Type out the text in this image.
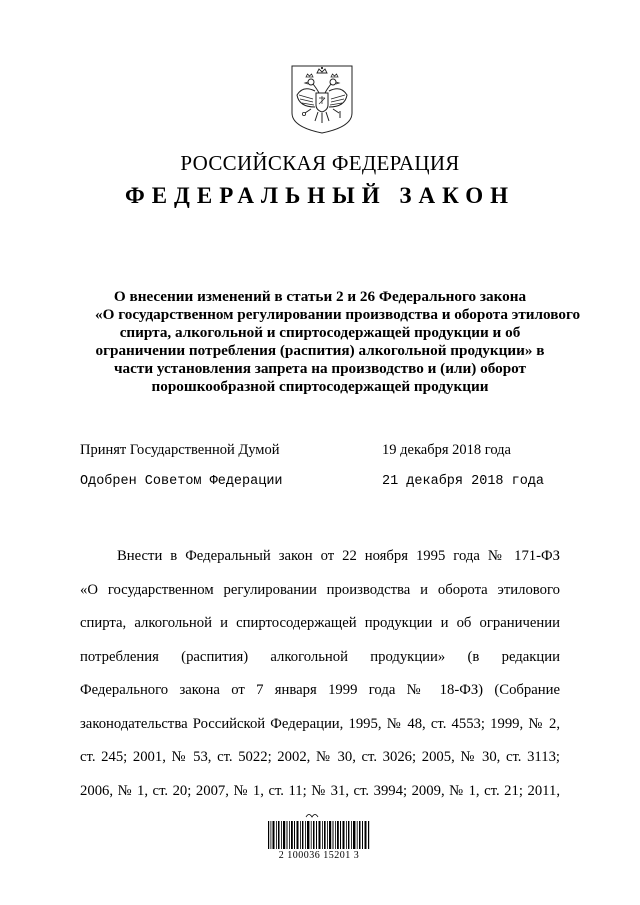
РОССИЙСКАЯ ФЕДЕРАЦИЯ
ФЕДЕРАЛЬНЫЙ ЗАКОН
О внесении изменений в статьи 2 и 26 Федерального закона
«О государственном регулировании производства и оборота этилового
спирта, алкогольной и спиртосодержащей продукции и об
ограничении потребления (распития) алкогольной продукции» в
части установления запрета на производство и (или) оборот
порошкообразной спиртосодержащей продукции
Принят Государственной Думой	19 декабря 2018 года
Одобрен Советом Федерации	21 декабря 2018 года
Внести в Федеральный закон от 22 ноября 1995 года № 171-ФЗ
«О государственном регулировании производства и оборота этилового
спирта, алкогольной и спиртосодержащей продукции и об ограничении
потребления (распития) алкогольной продукции» (в редакции
Федерального закона от 7 января 1999 года № 18-ФЗ) (Собрание
законодательства Российской Федерации, 1995, № 48, ст. 4553; 1999, № 2,
ст. 245; 2001, № 53, ст. 5022; 2002, № 30, ст. 3026; 2005, № 30, ст. 3113;
2006, № 1, ст. 20; 2007, № 1, ст. 11; № 31, ст. 3994; 2009, № 1, ст. 21; 2011,
2 100036 15201 3
